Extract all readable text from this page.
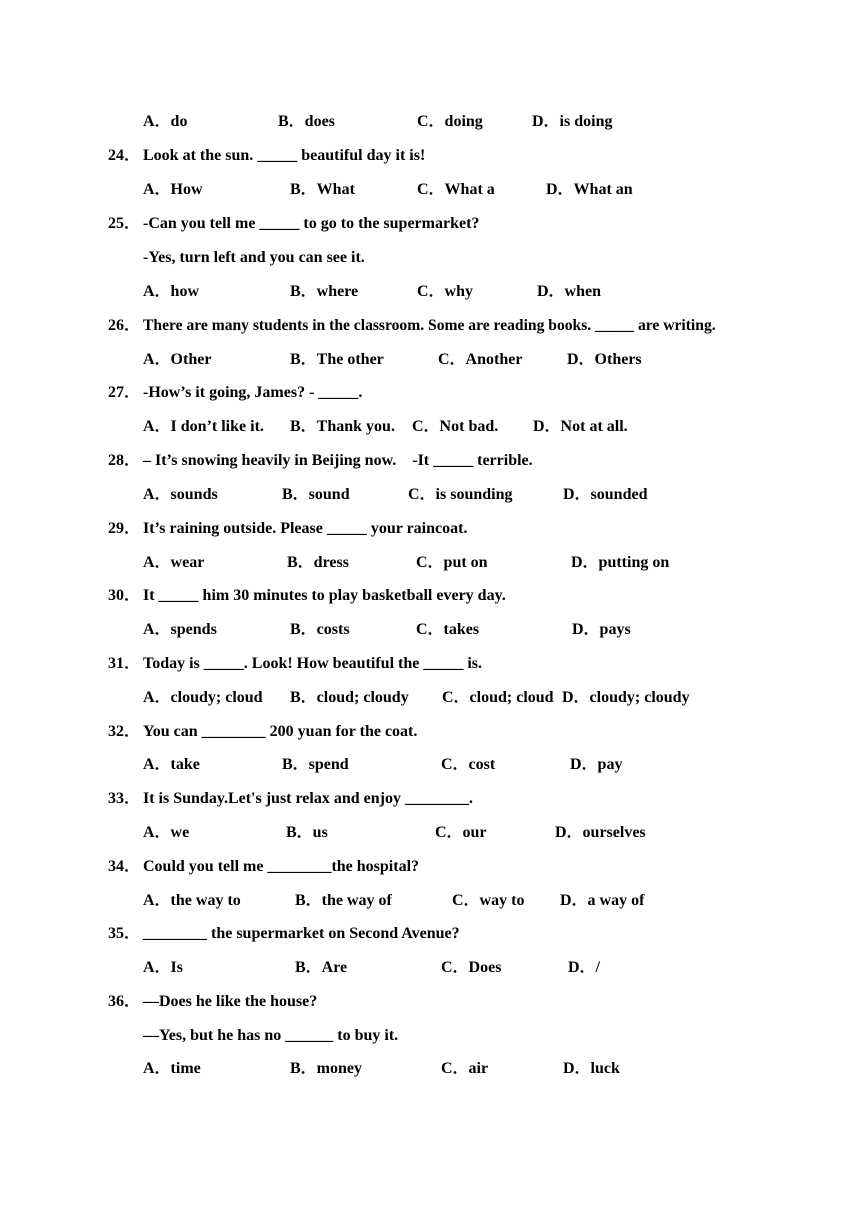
A．do

	B．does

	C．doing

	D．is doing

24． Look at the sun. _____ beautiful day it is!

A．How

	B．What

	C．What a

	D．What an

25． -Can you tell me _____ to go to the supermarket?
-Yes, turn left and you can see it.

A．how

	B．where

	C．why

	D．when

26． There are many students in the classroom. Some are reading books. _____ are writing.

A．Other

	B．The other

	C．Another

	D．Others

27． -How’s it going, James? - _____.

A．I don’t like it.

B．Thank you.

C．Not bad.

D．Not at all.

28． – It’s snowing heavily in Beijing now.    -It _____ terrible.

A．sounds

	B．sound

	C．is sounding

	D．sounded

29． It’s raining outside. Please _____ your raincoat.

A．wear

	B．dress

	C．put on

	D．putting on

30． It _____ him 30 minutes to play basketball every day.

A．spends

	B．costs

	C．takes

	D．pays

31． Today is _____. Look! How beautiful the _____ is.

A．cloudy; cloud

B．cloud; cloudy

C．cloud; cloud

D．cloudy; cloudy

32． You can ________ 200 yuan for the coat.

A．take

	B．spend

	C．cost

	D．pay

33． It is Sunday.Let's just relax and enjoy ________.

A．we

	B．us

	C．our

	D．ourselves

34． Could you tell me ________the hospital?

A．the way to

	B．the way of

	C．way to

D．a way of

35． ________ the supermarket on Second Avenue?

A．Is

	B．Are

	C．Does

	D．/

36． —Does he like the house?
—Yes, but he has no ______ to buy it.

A．time

	B．money

	C．air

	D．luck
